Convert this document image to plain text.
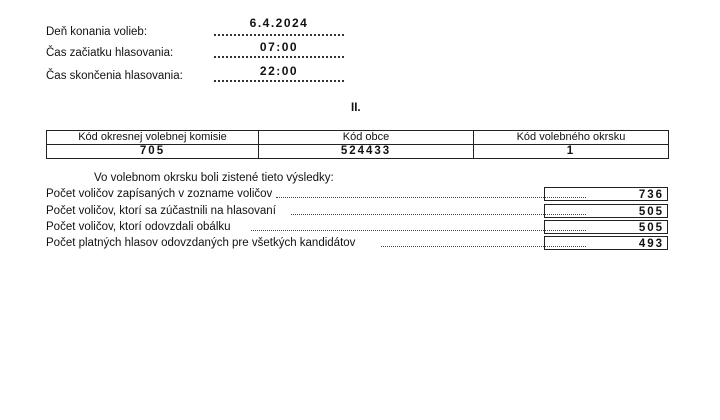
Deň konania volieb:
6.4.2024
Čas začiatku hlasovania:	07:00
Čas skončenia hlasovania:	22:00
II.
Kód okresnej volebnej komisie	Kód obce	Kód volebného okrsku
705	524433	1
Vo volebnom okrsku boli zistené tieto výsledky:
Počet voličov zapísaných v zozname voličov	736
Počet voličov, ktorí sa zúčastnili na hlasovaní	505
Počet voličov, ktorí odovzdali obálku	505
Počet platných hlasov odovzdaných pre všetkých kandidátov	493
